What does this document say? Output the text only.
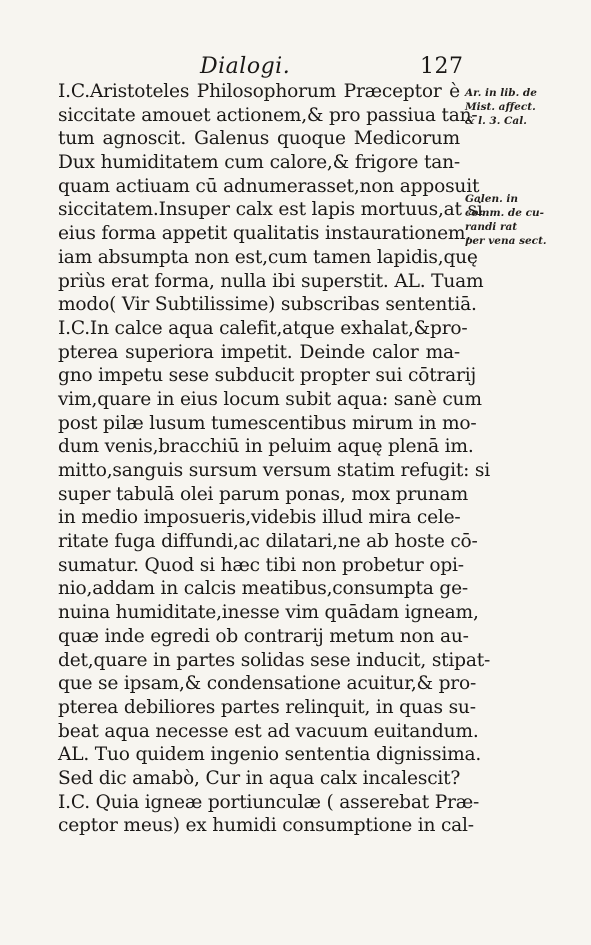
Dialogi.	127
I.C.Aristoteles Philosophorum Præceptor è
siccitate amouet actionem,& pro passiua tan-
tum agnoscit. Galenus quoque Medicorum
Dux humiditatem cum calore,& frigore tan-
quam actiuam cū adnumerasset,non apposuit
siccitatem.Insuper calx est lapis mortuus,at si
eius forma appetit qualitatis instaurationem,
iam absumpta non est,cum tamen lapidis,quę
priùs erat forma, nulla ibi superstit. AL. Tuam
modo( Vir Subtilissime) subscribas sententiā.
I.C.In calce aqua calefit,atque exhalat,&pro-
pterea superiora impetit. Deinde calor ma-
gno impetu sese subducit propter sui cōtrarij
vim,quare in eius locum subit aqua: sanè cum
post pilæ lusum tumescentibus mirum in mo-
dum venis,bracchiū in peluim aquę plenā im.
mitto,sanguis sursum versum statim refugit: si
super tabulā olei parum ponas, mox prunam
in medio imposueris,videbis illud mira cele-
ritate fuga diffundi,ac dilatari,ne ab hoste cō-
sumatur. Quod si hæc tibi non probetur opi-
nio,addam in calcis meatibus,consumpta ge-
nuina humiditate,inesse vim quādam igneam,
quæ inde egredi ob contrarij metum non au-
det,quare in partes solidas sese inducit, stipat-
que se ipsam,& condensatione acuitur,& pro-
pterea debiliores partes relinquit, in quas su-
beat aqua necesse est ad vacuum euitandum.
AL. Tuo quidem ingenio sententia dignissima.
Sed dic amabò, Cur in aqua calx incalescit?
I.C. Quia igneæ portiunculæ ( asserebat Præ-
ceptor meus) ex humidi consumptione in cal-
Ar. in lib. de
Mist. affect.
& l. 3. Cal.
Galen. in
comm. de cu-
randi rat
per vena sect.
